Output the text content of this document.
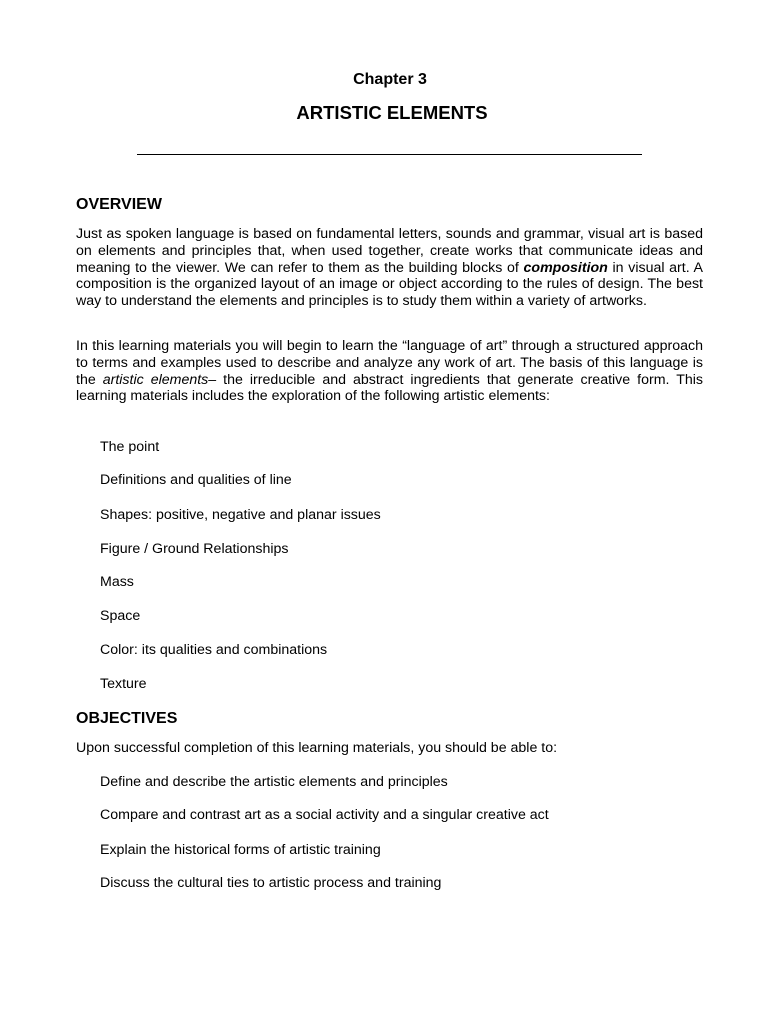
Chapter 3
ARTISTIC ELEMENTS
OVERVIEW

Just as spoken language is based on fundamental letters, sounds and grammar, visual art is based on elements and principles that, when used together, create works that communicate ideas and meaning to the viewer. We can refer to them as the building blocks of composition in visual art. A composition is the organized layout of an image or object according to the rules of design. The best way to understand the elements and principles is to study them within a variety of artworks.

In this learning materials you will begin to learn the “language of art” through a structured approach to terms and examples used to describe and analyze any work of art. The basis of this language is the artistic elements– the irreducible and abstract ingredients that generate creative form. This learning materials includes the exploration of the following artistic elements:

The point
Definitions and qualities of line
Shapes: positive, negative and planar issues
Figure / Ground Relationships
Mass
Space
Color: its qualities and combinations
Texture
OBJECTIVES
Upon successful completion of this learning materials, you should be able to:
Define and describe the artistic elements and principles
Compare and contrast art as a social activity and a singular creative act
Explain the historical forms of artistic training
Discuss the cultural ties to artistic process and training
